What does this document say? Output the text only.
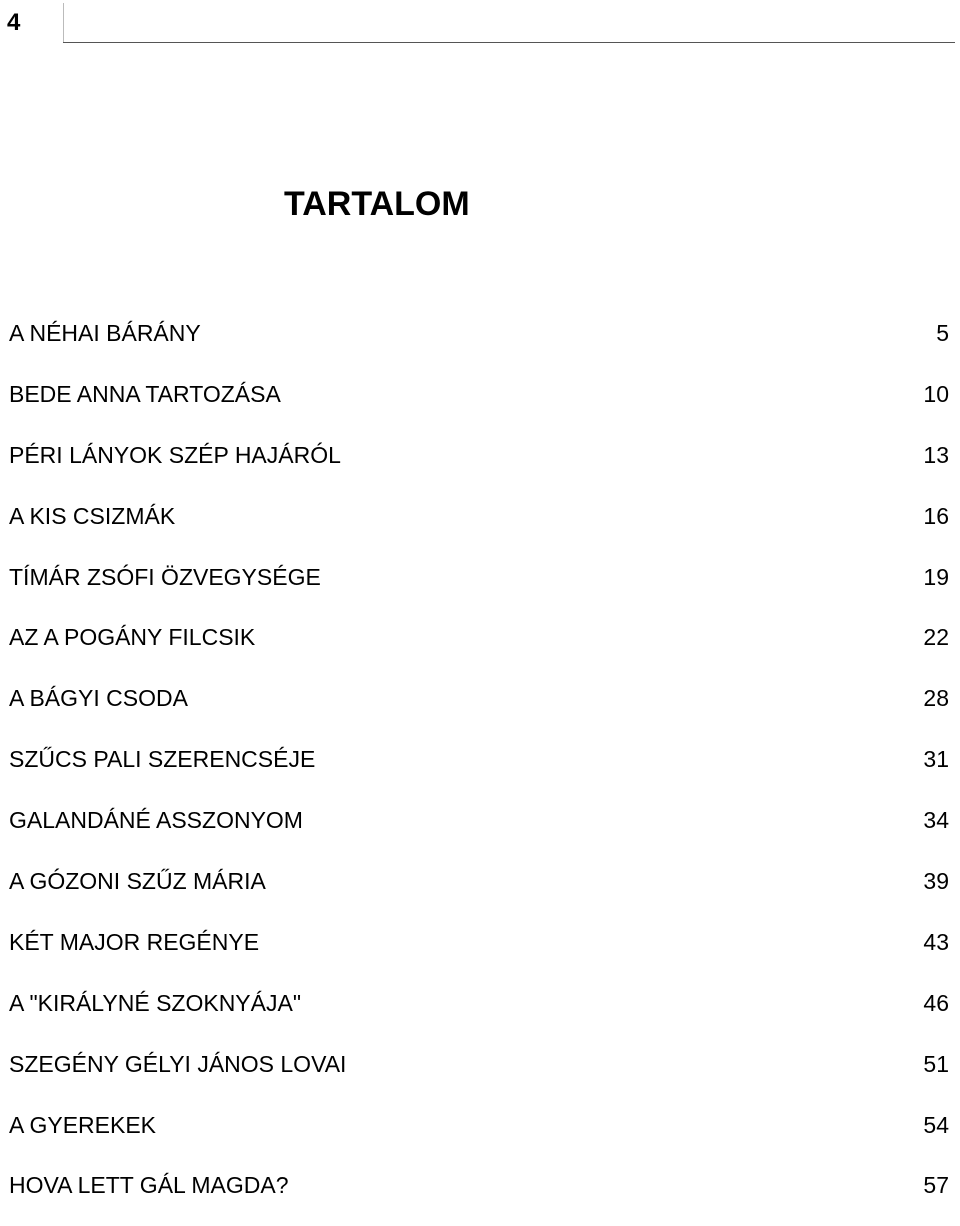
4
TARTALOM
A NÉHAI BÁRÁNY	5
BEDE ANNA TARTOZÁSA	10
PÉRI LÁNYOK SZÉP HAJÁRÓL	13
A KIS CSIZMÁK	16
TÍMÁR ZSÓFI ÖZVEGYSÉGE	19
AZ A POGÁNY FILCSIK	22
A BÁGYI CSODA	28
SZŰCS PALI SZERENCSÉJE	31
GALANDÁNÉ ASSZONYOM	34
A GÓZONI SZŰZ MÁRIA	39
KÉT MAJOR REGÉNYE	43
A "KIRÁLYNÉ SZOKNYÁJA"	46
SZEGÉNY GÉLYI JÁNOS LOVAI	51
A GYEREKEK	54
HOVA LETT GÁL MAGDA?	57
